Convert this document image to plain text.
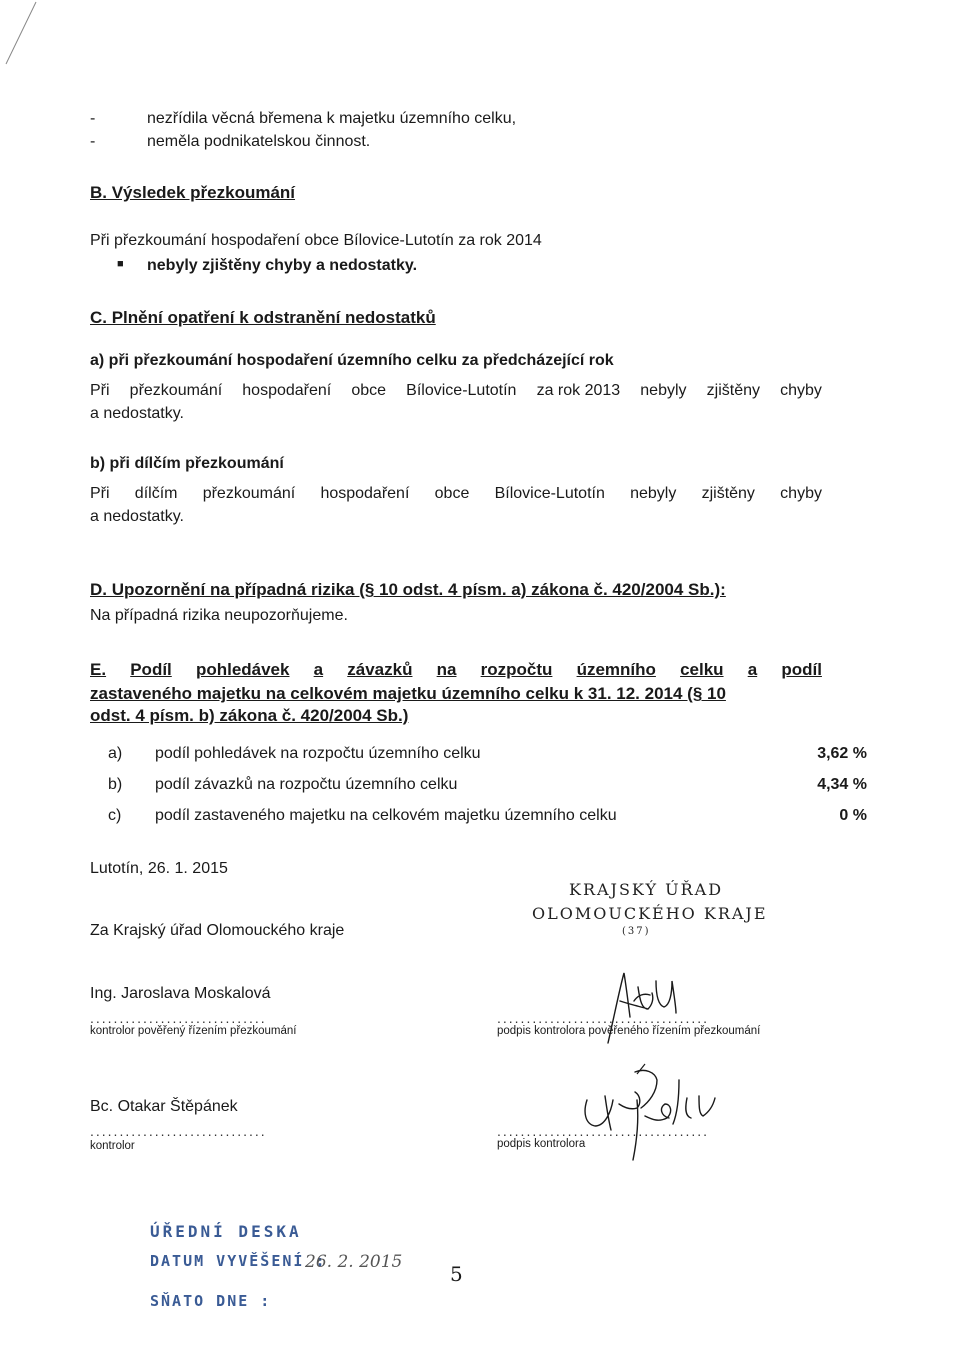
-	nezřídila věcná břemena k majetku územního celku,
-	neměla podnikatelskou činnost.
B. Výsledek přezkoumání
Při přezkoumání hospodaření obce Bílovice-Lutotín za rok 2014
■ nebyly zjištěny chyby a nedostatky.
C. Plnění opatření k odstranění nedostatků
a) při přezkoumání hospodaření územního celku za předcházející rok
Při přezkoumání hospodaření obce Bílovice-Lutotín za rok 2013 nebyly zjištěny chyby
a nedostatky.
b) při dílčím přezkoumání
Při dílčím přezkoumání hospodaření obce Bílovice-Lutotín nebyly zjištěny chyby
a nedostatky.
D. Upozornění na případná rizika (§ 10 odst. 4 písm. a) zákona č. 420/2004 Sb.):
Na případná rizika neupozorňujeme.
E. Podíl pohledávek a závazků na rozpočtu územního celku a podíl
zastaveného majetku na celkovém majetku územního celku k 31. 12. 2014 (§ 10
odst. 4 písm. b) zákona č. 420/2004 Sb.)
a) podíl pohledávek na rozpočtu územního celku	3,62 %
b) podíl závazků na rozpočtu územního celku	4,34 %
c) podíl zastaveného majetku na celkovém majetku územního celku	0 %
Lutotín, 26. 1. 2015
KRAJSKÝ ÚŘAD
OLOMOUCKÉHO KRAJE
(37)
Za Krajský úřad Olomouckého kraje
Ing. Jaroslava Moskalová
..............................
kontrolor pověřený řízením přezkoumání
....................................
podpis kontrolora pověřeného řízením přezkoumání
Bc. Otakar Štěpánek
..............................
kontrolor
....................................
podpis kontrolora
ÚŘEDNÍ DESKA
DATUM VYVĚŠENÍ :
26. 2. 2015
SŇATO DNE :
5
